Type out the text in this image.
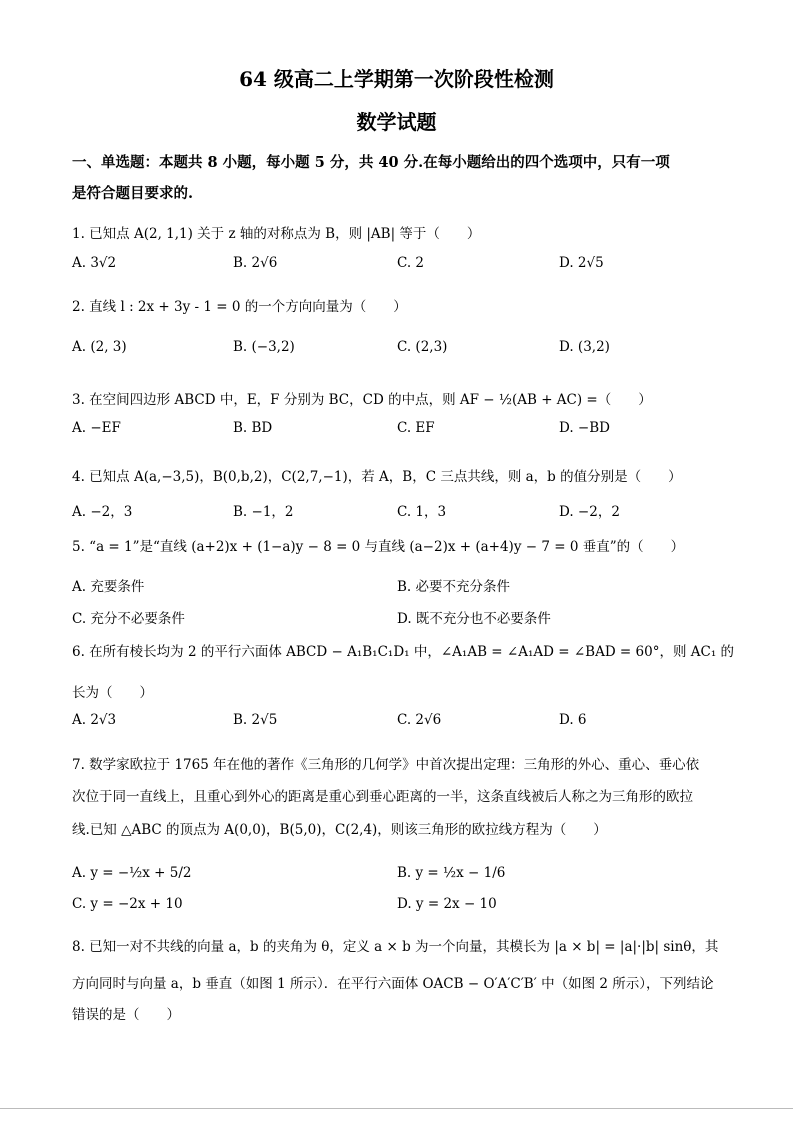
64 级高二上学期第一次阶段性检测
数学试题
一、单选题：本题共 8 小题，每小题 5 分，共 40 分.在每小题给出的四个选项中，只有一项
是符合题目要求的.
1. 已知点 A(2, 1,1) 关于 z 轴的对称点为 B，则 |AB| 等于（　　）
A. 3√2	B. 2√6	C. 2	D. 2√5
2. 直线 l : 2x + 3y - 1 = 0 的一个方向向量为（　　）
A. (2, 3)	B. (−3,2)	C. (2,3)	D. (3,2)
3. 在空间四边形 ABCD 中，E，F 分别为 BC，CD 的中点，则 AF − ½(AB + AC) =（　　）
A. −EF	B. BD	C. EF	D. −BD
4. 已知点 A(a,−3,5)，B(0,b,2)，C(2,7,−1)，若 A，B，C 三点共线，则 a，b 的值分别是（　　）
A. −2，3	B. −1，2	C. 1，3	D. −2，2
5. “a = 1”是“直线 (a+2)x + (1−a)y − 8 = 0 与直线 (a−2)x + (a+4)y − 7 = 0 垂直”的（　　）
A. 充要条件	B. 必要不充分条件
C. 充分不必要条件	D. 既不充分也不必要条件
6. 在所有棱长均为 2 的平行六面体 ABCD − A₁B₁C₁D₁ 中，∠A₁AB = ∠A₁AD = ∠BAD = 60°，则 AC₁ 的
长为（　　）
A. 2√3	B. 2√5	C. 2√6	D. 6
7. 数学家欧拉于 1765 年在他的著作《三角形的几何学》中首次提出定理：三角形的外心、重心、垂心依
次位于同一直线上，且重心到外心的距离是重心到垂心距离的一半，这条直线被后人称之为三角形的欧拉
线.已知 △ABC 的顶点为 A(0,0)，B(5,0)，C(2,4)，则该三角形的欧拉线方程为（　　）
A. y = −½x + 5/2	B. y = ½x − 1/6
C. y = −2x + 10	D. y = 2x − 10
8. 已知一对不共线的向量 a，b 的夹角为 θ，定义 a × b 为一个向量，其模长为 |a × b| = |a|·|b| sinθ，其
方向同时与向量 a，b 垂直（如图 1 所示）．在平行六面体 OACB − O′A′C′B′ 中（如图 2 所示），下列结论
错误的是（　　）
